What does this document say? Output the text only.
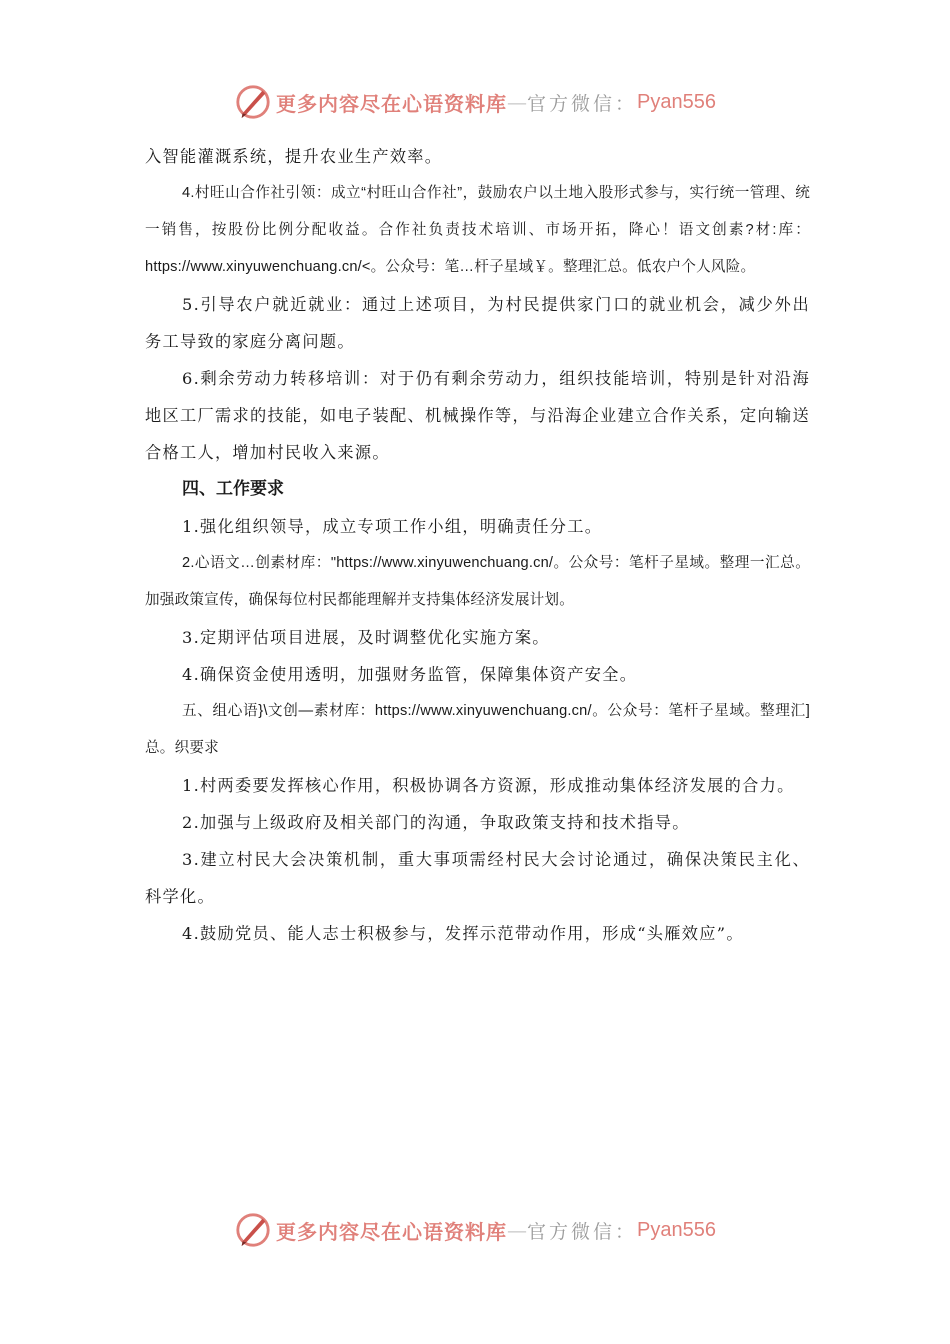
更多内容尽在心语资料库 — 官方微信： Pyan556

入智能灌溉系统，提升农业生产效率。

4.村旺山合作社引领：成立“村旺山合作社”，鼓励农户以土地入股形式参与，实行统一管理、统一销售，按股份比例分配收益。合作社负责技术培训、市场开拓，降心！语文创素?材:库：https://www.xinyuwenchuang.cn/<。公众号：笔…杆子星域￥。整理汇总。低农户个人风险。

5.引导农户就近就业：通过上述项目，为村民提供家门口的就业机会，减少外出务工导致的家庭分离问题。

6.剩余劳动力转移培训：对于仍有剩余劳动力，组织技能培训，特别是针对沿海地区工厂需求的技能，如电子装配、机械操作等，与沿海企业建立合作关系，定向输送合格工人，增加村民收入来源。

四、工作要求

1.强化组织领导，成立专项工作小组，明确责任分工。

2.心语文…创素材库："https://www.xinyuwenchuang.cn/。公众号：笔杆子星域。整理一汇总。加强政策宣传，确保每位村民都能理解并支持集体经济发展计划。

3.定期评估项目进展，及时调整优化实施方案。

4.确保资金使用透明，加强财务监管，保障集体资产安全。

五、组心语}\文创—素材库：https://www.xinyuwenchuang.cn/。公众号：笔杆子星域。整理汇]总。织要求

1.村两委要发挥核心作用，积极协调各方资源，形成推动集体经济发展的合力。

2.加强与上级政府及相关部门的沟通，争取政策支持和技术指导。

3.建立村民大会决策机制，重大事项需经村民大会讨论通过，确保决策民主化、科学化。

4.鼓励党员、能人志士积极参与，发挥示范带动作用，形成“头雁效应”。

更多内容尽在心语资料库 — 官方微信： Pyan556
